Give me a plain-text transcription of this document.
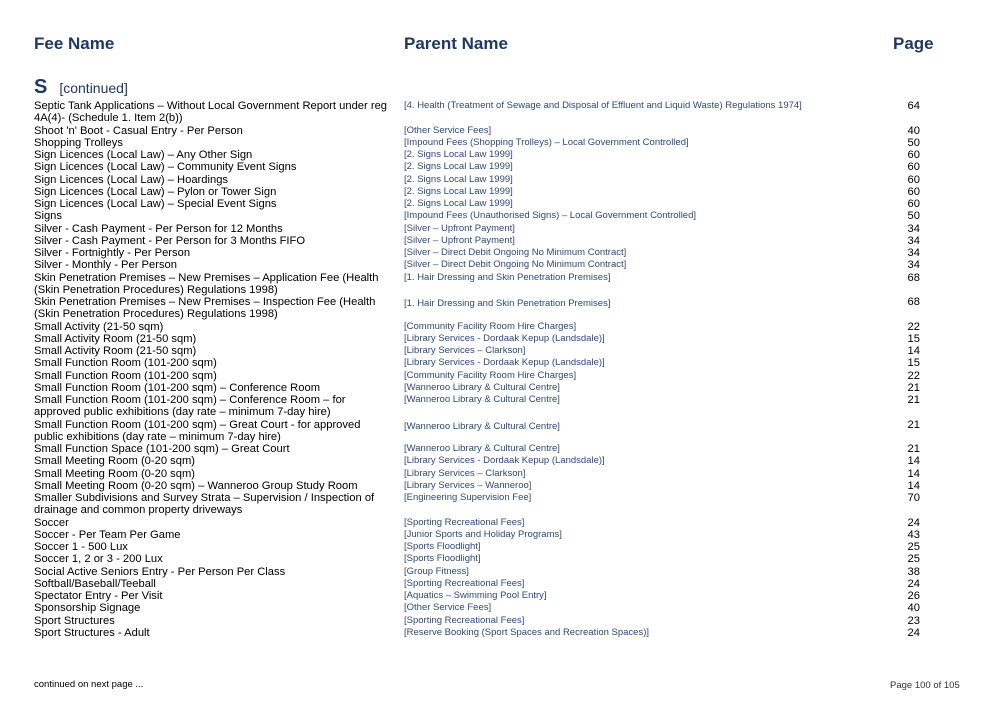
Fee Name	Parent Name	Page
S [continued]
Septic Tank Applications – Without Local Government Report under reg 4A(4)- (Schedule 1. Item 2(b))
[4. Health (Treatment of Sewage and Disposal of Effluent and Liquid Waste) Regulations 1974]	64
Shoot 'n' Boot - Casual Entry - Per Person	[Other Service Fees]	40
Shopping Trolleys	[Impound Fees (Shopping Trolleys) – Local Government Controlled]	50
Sign Licences (Local Law) – Any Other Sign	[2. Signs Local Law 1999]	60
Sign Licences (Local Law) – Community Event Signs	[2. Signs Local Law 1999]	60
Sign Licences (Local Law) – Hoardings	[2. Signs Local Law 1999]	60
Sign Licences (Local Law) – Pylon or Tower Sign	[2. Signs Local Law 1999]	60
Sign Licences (Local Law) – Special Event Signs	[2. Signs Local Law 1999]	60
Signs	[Impound Fees (Unauthorised Signs) – Local Government Controlled]	50
Silver - Cash Payment - Per Person for 12 Months	[Silver – Upfront Payment]	34
Silver - Cash Payment - Per Person for 3 Months FIFO	[Silver – Upfront Payment]	34
Silver - Fortnightly - Per Person	[Silver – Direct Debit Ongoing No Minimum Contract]	34
Silver - Monthly - Per Person	[Silver – Direct Debit Ongoing No Minimum Contract]	34
Skin Penetration Premises – New Premises – Application Fee (Health (Skin Penetration Procedures) Regulations 1998)
[1. Hair Dressing and Skin Penetration Premises]	68
Skin Penetration Premises – New Premises – Inspection Fee (Health (Skin Penetration Procedures) Regulations 1998)
[1. Hair Dressing and Skin Penetration Premises]	68
Small Activity (21-50 sqm)	[Community Facility Room Hire Charges]	22
Small Activity Room (21-50 sqm)	[Library Services - Dordaak Kepup (Landsdale)]	15
Small Activity Room (21-50 sqm)	[Library Services – Clarkson]	14
Small Function Room (101-200 sqm)	[Library Services - Dordaak Kepup (Landsdale)]	15
Small Function Room (101-200 sqm)	[Community Facility Room Hire Charges]	22
Small Function Room (101-200 sqm) – Conference Room	[Wanneroo Library & Cultural Centre]	21
Small Function Room (101-200 sqm) – Conference Room – for approved public exhibitions (day rate – minimum 7-day hire)
[Wanneroo Library & Cultural Centre]	21
Small Function Room (101-200 sqm) – Great Court - for approved public exhibitions (day rate – minimum 7-day hire)
[Wanneroo Library & Cultural Centre]	21
Small Function Space (101-200 sqm) – Great Court	[Wanneroo Library & Cultural Centre]	21
Small Meeting Room (0-20 sqm)	[Library Services - Dordaak Kepup (Landsdale)]	14
Small Meeting Room (0-20 sqm)	[Library Services – Clarkson]	14
Small Meeting Room (0-20 sqm) – Wanneroo Group Study Room	[Library Services – Wanneroo]	14
Smaller Subdivisions and Survey Strata – Supervision / Inspection of drainage and common property driveways
[Engineering Supervision Fee]	70
Soccer	[Sporting Recreational Fees]	24
Soccer - Per Team Per Game	[Junior Sports and Holiday Programs]	43
Soccer 1 - 500 Lux	[Sports Floodlight]	25
Soccer 1, 2 or 3 - 200 Lux	[Sports Floodlight]	25
Social Active Seniors Entry - Per Person Per Class	[Group Fitness]	38
Softball/Baseball/Teeball	[Sporting Recreational Fees]	24
Spectator Entry - Per Visit	[Aquatics – Swimming Pool Entry]	26
Sponsorship Signage	[Other Service Fees]	40
Sport Structures	[Sporting Recreational Fees]	23
Sport Structures - Adult	[Reserve Booking (Sport Spaces and Recreation Spaces)]	24
continued on next page ...	Page 100 of 105
